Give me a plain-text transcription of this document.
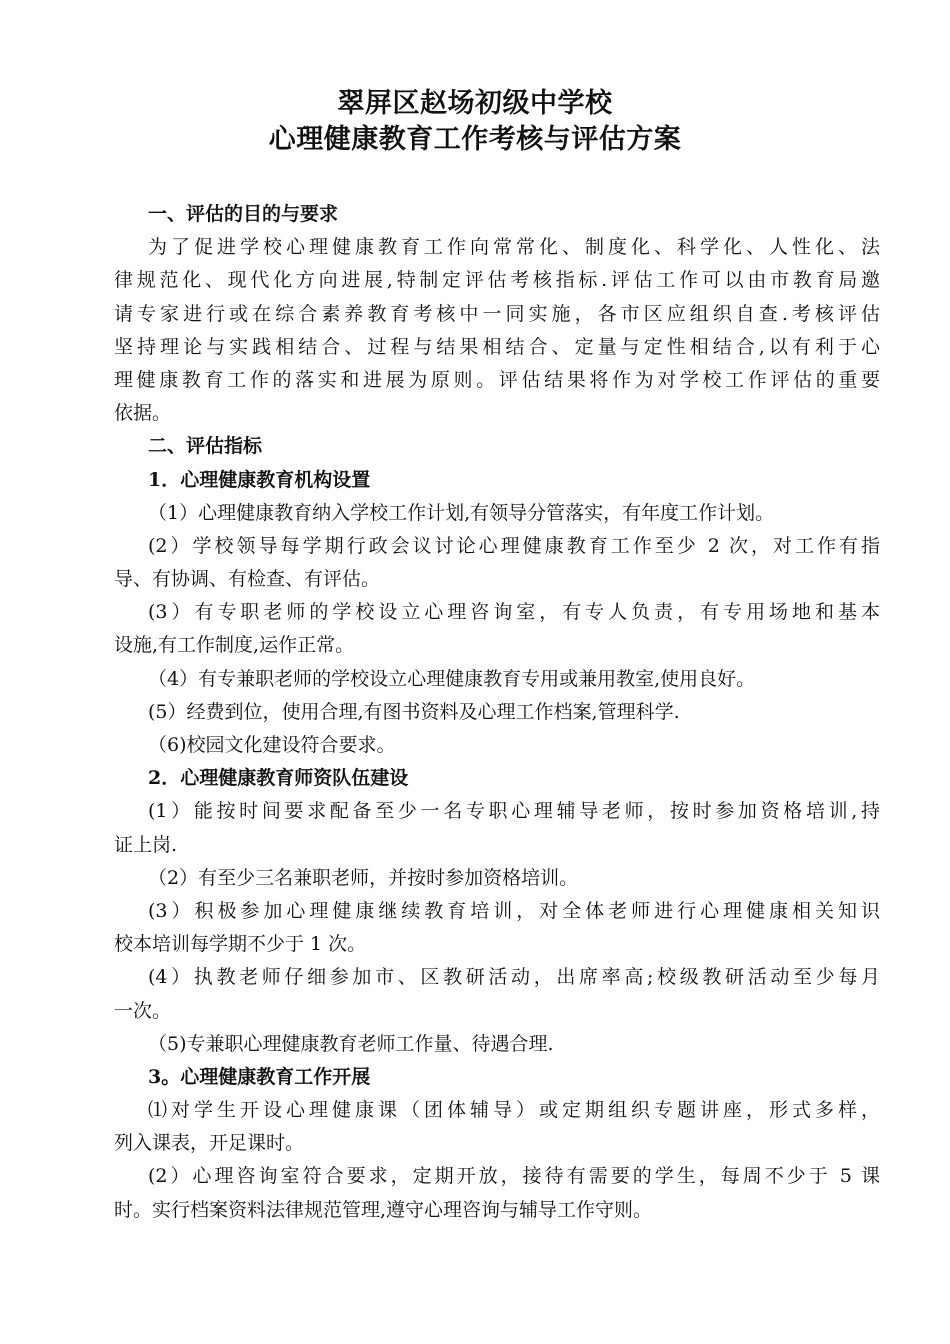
翠屏区赵场初级中学校
心理健康教育工作考核与评估方案
一、评估的目的与要求
为了促进学校心理健康教育工作向常常化、制度化、科学化、人性化、法
律规范化、现代化方向进展,特制定评估考核指标.评估工作可以由市教育局邀
请专家进行或在综合素养教育考核中一同实施，各市区应组织自查.考核评估
坚持理论与实践相结合、过程与结果相结合、定量与定性相结合,以有利于心
理健康教育工作的落实和进展为原则。评估结果将作为对学校工作评估的重要
依据。
二、评估指标
1．心理健康教育机构设置
（1）心理健康教育纳入学校工作计划,有领导分管落实，有年度工作计划。
(2）学校领导每学期行政会议讨论心理健康教育工作至少 2 次，对工作有指
导、有协调、有检查、有评估。
(3）有专职老师的学校设立心理咨询室，有专人负责，有专用场地和基本
设施,有工作制度,运作正常。
（4）有专兼职老师的学校设立心理健康教育专用或兼用教室,使用良好。
(5）经费到位，使用合理,有图书资料及心理工作档案,管理科学.
（6)校园文化建设符合要求。
2．心理健康教育师资队伍建设
(1）能按时间要求配备至少一名专职心理辅导老师，按时参加资格培训,持
证上岗.
（2）有至少三名兼职老师，并按时参加资格培训。
(3）积极参加心理健康继续教育培训，对全体老师进行心理健康相关知识
校本培训每学期不少于 1 次。
(4）执教老师仔细参加市、区教研活动，出席率高;校级教研活动至少每月
一次。
（5)专兼职心理健康教育老师工作量、待遇合理.
3。心理健康教育工作开展
⑴对学生开设心理健康课（团体辅导）或定期组织专题讲座，形式多样，
列入课表，开足课时。
(2）心理咨询室符合要求，定期开放，接待有需要的学生，每周不少于 5 课
时。实行档案资料法律规范管理,遵守心理咨询与辅导工作守则。
